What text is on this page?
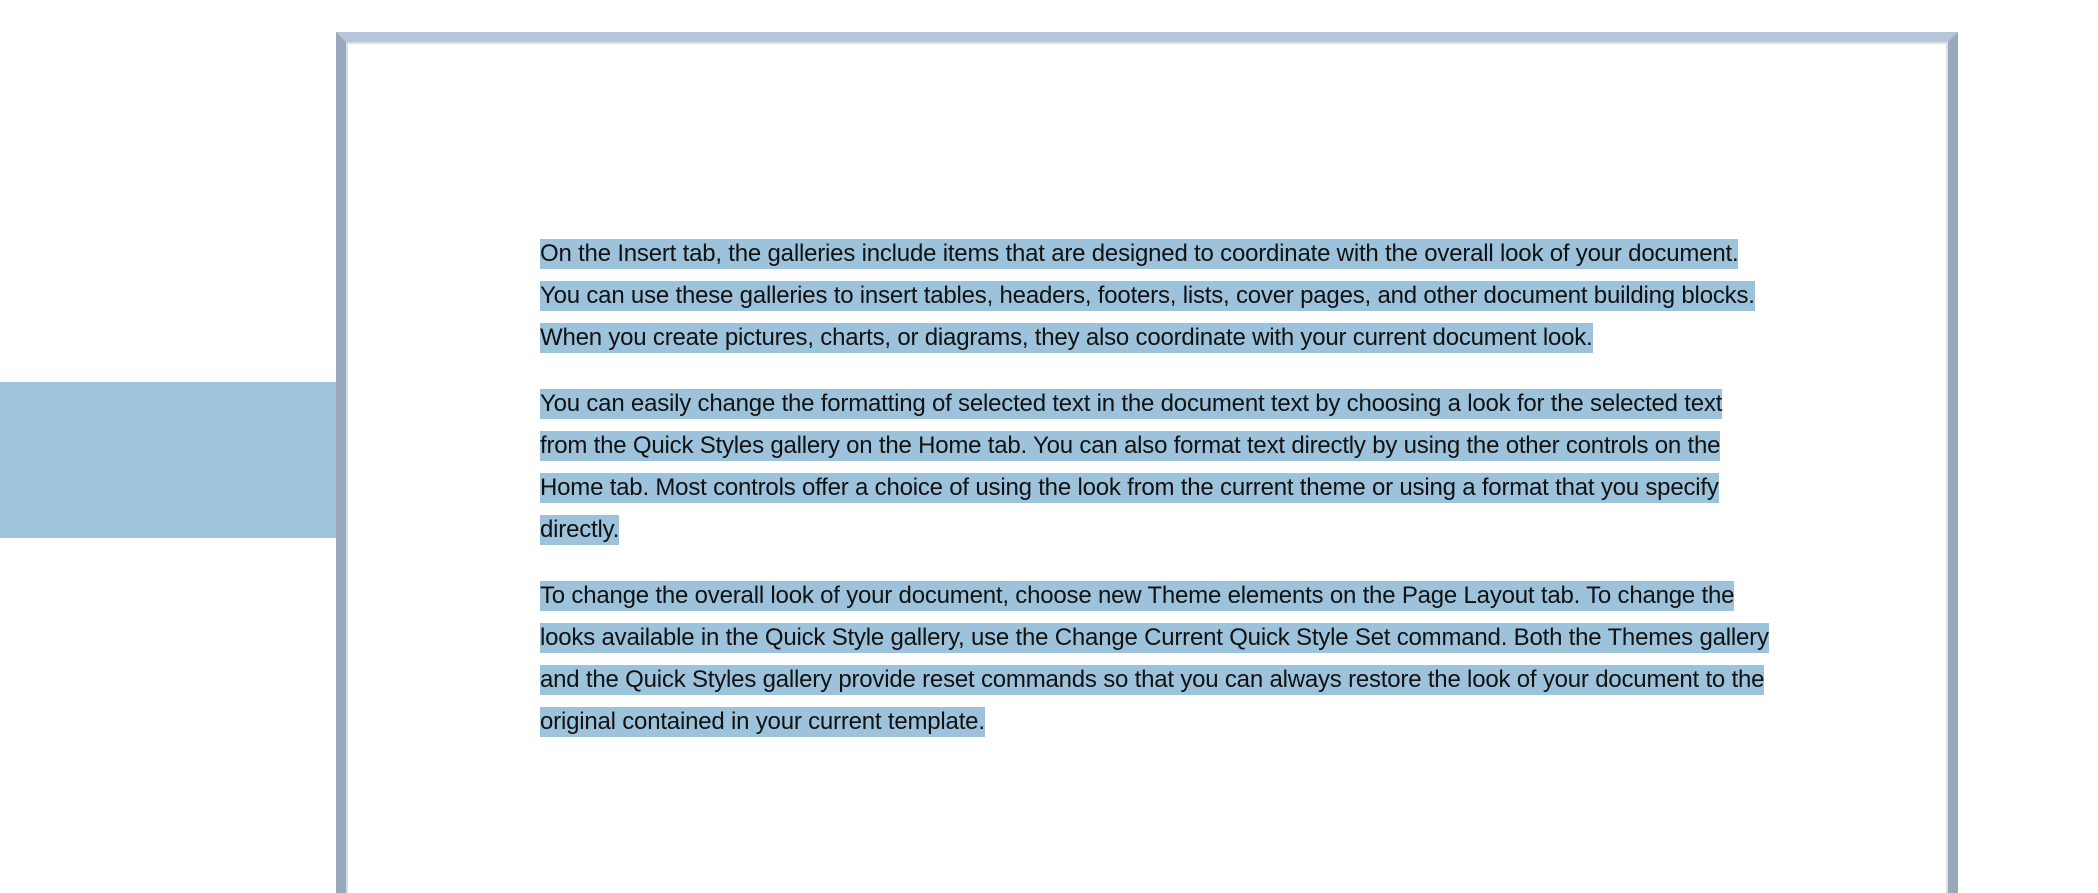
On the Insert tab, the galleries include items that are designed to coordinate with the overall look of your document. You can use these galleries to insert tables, headers, footers, lists, cover pages, and other document building blocks. When you create pictures, charts, or diagrams, they also coordinate with your current document look.

You can easily change the formatting of selected text in the document text by choosing a look for the selected text from the Quick Styles gallery on the Home tab. You can also format text directly by using the other controls on the Home tab. Most controls offer a choice of using the look from the current theme or using a format that you specify directly.

To change the overall look of your document, choose new Theme elements on the Page Layout tab. To change the looks available in the Quick Style gallery, use the Change Current Quick Style Set command. Both the Themes gallery and the Quick Styles gallery provide reset commands so that you can always restore the look of your document to the original contained in your current template.
